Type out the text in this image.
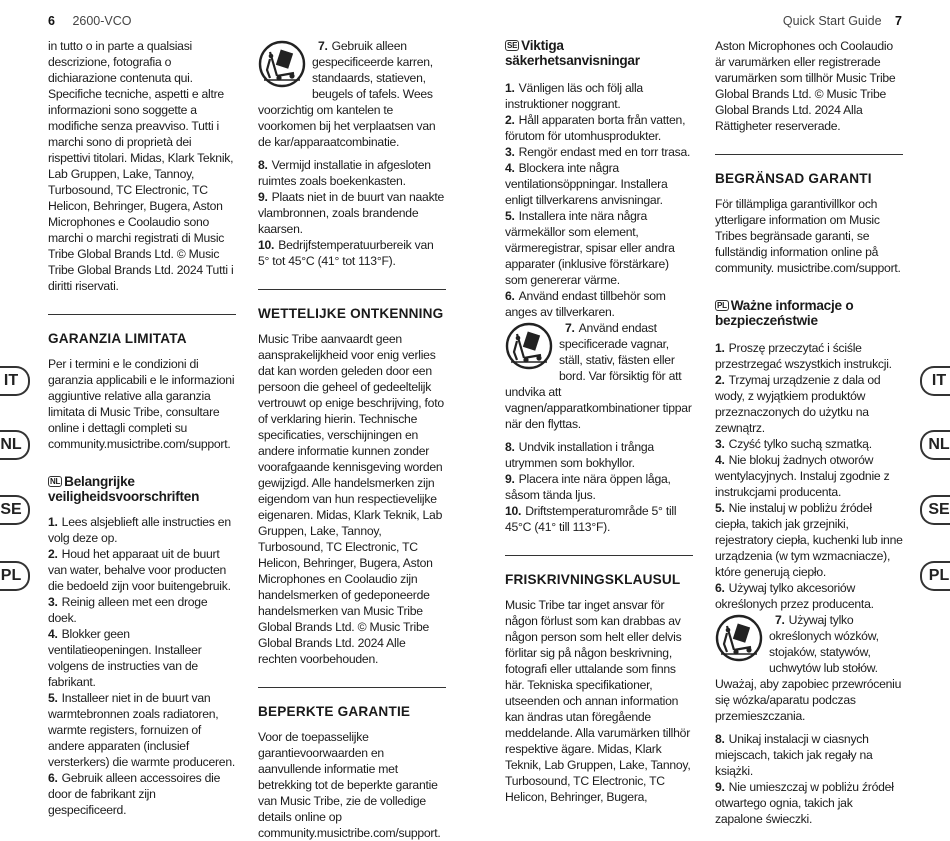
6 2600-VCO	Quick Start Guide 7
IT
NL
SE
PL
IT
NL
SE
PL

in tutto o in parte a qualsiasi descrizione, fotografia o dichiarazione contenuta qui. Specifiche tecniche, aspetti e altre informazioni sono soggette a modifiche senza preavviso. Tutti i marchi sono di proprietà dei rispettivi titolari. Midas, Klark Teknik, Lab Gruppen, Lake, Tannoy, Turbosound, TC Electronic, TC Helicon, Behringer, Bugera, Aston Microphones e Coolaudio sono marchi o marchi registrati di Music Tribe Global Brands Ltd. © Music Tribe Global Brands Ltd. 2024 Tutti i diritti riservati.

GARANZIA LIMITATA

Per i termini e le condizioni di garanzia applicabili e le informazioni aggiuntive relative alla garanzia limitata di Music Tribe, consultare online i dettagli completi su community.musictribe.com/support.

NL Belangrijke veiligheidsvoorschriften

1. Lees alsjeblieft alle instructies en volg deze op.

2. Houd het apparaat uit de buurt van water, behalve voor producten die bedoeld zijn voor buitengebruik.

3. Reinig alleen met een droge doek.

4. Blokker geen ventilatieopeningen. Installeer volgens de instructies van de fabrikant.

5. Installeer niet in de buurt van warmtebronnen zoals radiatoren, warmte registers, fornuizen of andere apparaten (inclusief versterkers) die warmte produceren.

6. Gebruik alleen accessoires die door de fabrikant zijn gespecificeerd.

7. Gebruik alleen gespecificeerde karren, standaards, statieven, beugels of tafels. Wees voorzichtig om kantelen te voorkomen bij het verplaatsen van de kar/apparaatcombinatie.

8. Vermijd installatie in afgesloten ruimtes zoals boekenkasten.

9. Plaats niet in de buurt van naakte vlambronnen, zoals brandende kaarsen.

10. Bedrijfstemperatuurbereik van 5° tot 45°C (41° tot 113°F).

WETTELIJKE ONTKENNING

Music Tribe aanvaardt geen aansprakelijkheid voor enig verlies dat kan worden geleden door een persoon die geheel of gedeeltelijk vertrouwt op enige beschrijving, foto of verklaring hierin. Technische specificaties, verschijningen en andere informatie kunnen zonder voorafgaande kennisgeving worden gewijzigd. Alle handelsmerken zijn eigendom van hun respectievelijke eigenaren. Midas, Klark Teknik, Lab Gruppen, Lake, Tannoy, Turbosound, TC Electronic, TC Helicon, Behringer, Bugera, Aston Microphones en Coolaudio zijn handelsmerken of gedeponeerde handelsmerken van Music Tribe Global Brands Ltd. © Music Tribe Global Brands Ltd. 2024 Alle rechten voorbehouden.

BEPERKTE GARANTIE

Voor de toepasselijke garantievoorwaarden en aanvullende informatie met betrekking tot de beperkte garantie van Music Tribe, zie de volledige details online op community.musictribe.com/support.

SE Viktiga säkerhetsanvisningar

1. Vänligen läs och följ alla instruktioner noggrant.

2. Håll apparaten borta från vatten, förutom för utomhusprodukter.

3. Rengör endast med en torr trasa.

4. Blockera inte några ventilationsöppningar. Installera enligt tillverkarens anvisningar.

5. Installera inte nära några värmekällor som element, värmeregistrar, spisar eller andra apparater (inklusive förstärkare) som genererar värme.

6. Använd endast tillbehör som anges av tillverkaren.

7. Använd endast specificerade vagnar, ställ, stativ, fästen eller bord. Var försiktig för att undvika att vagnen/apparatkombinationer tippar när den flyttas.

8. Undvik installation i trånga utrymmen som bokhyllor.

9. Placera inte nära öppen låga, såsom tända ljus.

10. Driftstemperaturområde 5° till 45°C (41° till 113°F).

FRISKRIVNINGSKLAUSUL

Music Tribe tar inget ansvar för någon förlust som kan drabbas av någon person som helt eller delvis förlitar sig på någon beskrivning, fotografi eller uttalande som finns här. Tekniska specifikationer, utseenden och annan information kan ändras utan föregående meddelande. Alla varumärken tillhör respektive ägare. Midas, Klark Teknik, Lab Gruppen, Lake, Tannoy, Turbosound, TC Electronic, TC Helicon, Behringer, Bugera,

Aston Microphones och Coolaudio är varumärken eller registrerade varumärken som tillhör Music Tribe Global Brands Ltd. © Music Tribe Global Brands Ltd. 2024 Alla Rättigheter reserverade.

BEGRÄNSAD GARANTI

För tillämpliga garantivillkor och ytterligare information om Music Tribes begränsade garanti, se fullständig information online på community. musictribe.com/support.

PL Ważne informacje o bezpieczeństwie

1. Proszę przeczytać i ściśle przestrzegać wszystkich instrukcji.

2. Trzymaj urządzenie z dala od wody, z wyjątkiem produktów przeznaczonych do użytku na zewnątrz.

3. Czyść tylko suchą szmatką.

4. Nie blokuj żadnych otworów wentylacyjnych. Instaluj zgodnie z instrukcjami producenta.

5. Nie instaluj w pobliżu źródeł ciepła, takich jak grzejniki, rejestratory ciepła, kuchenki lub inne urządzenia (w tym wzmacniacze), które generują ciepło.

6. Używaj tylko akcesoriów określonych przez producenta.

7. Używaj tylko określonych wózków, stojaków, statywów, uchwytów lub stołów. Uważaj, aby zapobiec przewróceniu się wózka/aparatu podczas przemieszczania.

8. Unikaj instalacji w ciasnych miejscach, takich jak regały na książki.

9. Nie umieszczaj w pobliżu źródeł otwartego ognia, takich jak zapalone świeczki.
